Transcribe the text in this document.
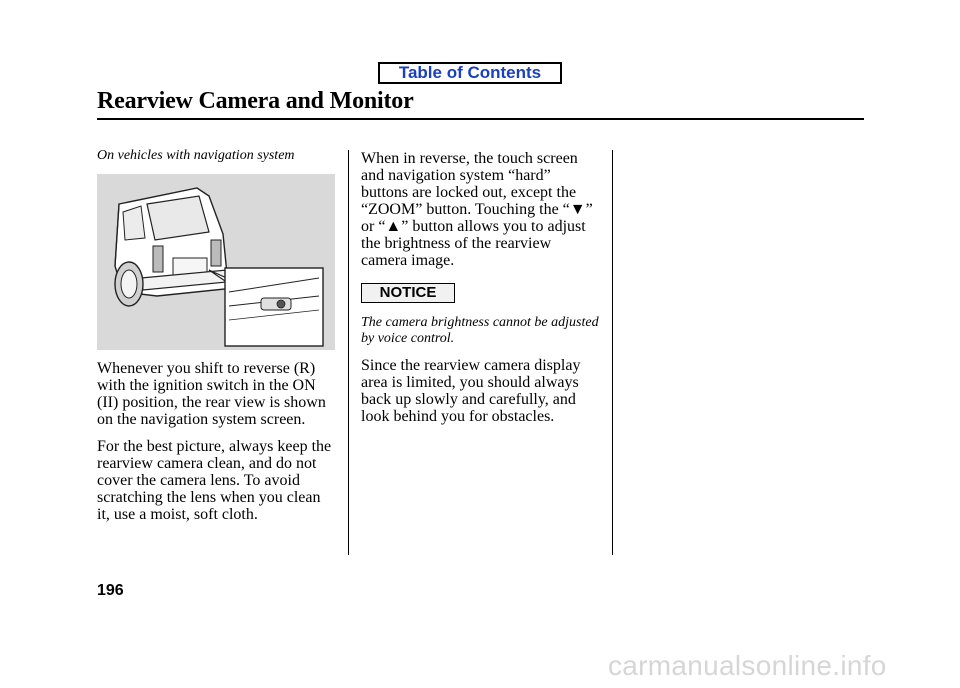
Table of Contents
Rearview Camera and Monitor

On vehicles with navigation system

Whenever you shift to reverse (R) with the ignition switch in the ON (II) position, the rear view is shown on the navigation system screen.

For the best picture, always keep the rearview camera clean, and do not cover the camera lens. To avoid scratching the lens when you clean it, use a moist, soft cloth.

When in reverse, the touch screen and navigation system “hard” buttons are locked out, except the “ZOOM” button. Touching the “▼” or “▲” button allows you to adjust the brightness of the rearview camera image.

NOTICE

The camera brightness cannot be adjusted by voice control.

Since the rearview camera display area is limited, you should always back up slowly and carefully, and look behind you for obstacles.

196
carmanualsonline.info
